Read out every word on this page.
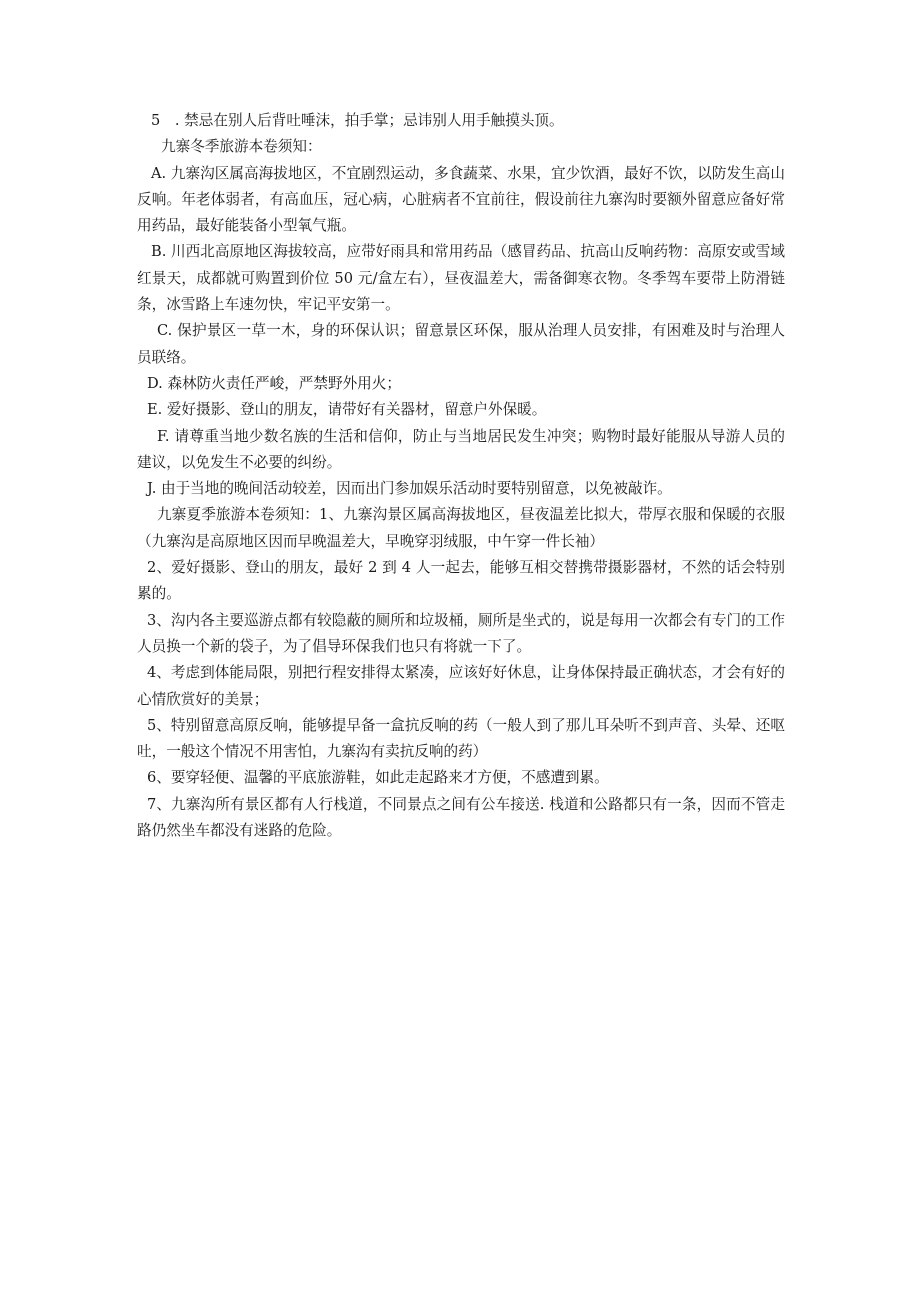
5　. 禁忌在别人后背吐唾沫，拍手掌；忌讳别人用手触摸头顶。

九寨冬季旅游本卷须知：

A. 九寨沟区属高海拔地区，不宜剧烈运动，多食蔬菜、水果，宜少饮酒，最好不饮，以防发生高山反响。年老体弱者，有高血压，冠心病，心脏病者不宜前往，假设前往九寨沟时要额外留意应备好常用药品，最好能装备小型氧气瓶。

B. 川西北高原地区海拔较高，应带好雨具和常用药品（感冒药品、抗高山反响药物：高原安或雪域红景天，成都就可购置到价位 50 元/盒左右），昼夜温差大，需备御寒衣物。冬季驾车要带上防滑链条，冰雪路上车速勿快，牢记平安第一。

C. 保护景区一草一木，身的环保认识；留意景区环保，服从治理人员安排，有困难及时与治理人员联络。

D. 森林防火责任严峻，严禁野外用火；

E. 爱好摄影、登山的朋友，请带好有关器材，留意户外保暖。

F. 请尊重当地少数名族的生活和信仰，防止与当地居民发生冲突；购物时最好能服从导游人员的建议，以免发生不必要的纠纷。

J. 由于当地的晚间活动较差，因而出门参加娱乐活动时要特别留意，以免被敲诈。

九寨夏季旅游本卷须知：1、九寨沟景区属高海拔地区，昼夜温差比拟大，带厚衣服和保暖的衣服（九寨沟是高原地区因而早晚温差大，早晚穿羽绒服，中午穿一件长袖）

2、爱好摄影、登山的朋友，最好 2 到 4 人一起去，能够互相交替携带摄影器材，不然的话会特别累的。

3、沟内各主要巡游点都有较隐蔽的厕所和垃圾桶，厕所是坐式的，说是每用一次都会有专门的工作人员换一个新的袋子，为了倡导环保我们也只有将就一下了。

4、考虑到体能局限，别把行程安排得太紧凑，应该好好休息，让身体保持最正确状态，才会有好的心情欣赏好的美景；

5、特别留意高原反响，能够提早备一盒抗反响的药（一般人到了那儿耳朵听不到声音、头晕、还呕吐，一般这个情况不用害怕，九寨沟有卖抗反响的药）

6、要穿轻便、温馨的平底旅游鞋，如此走起路来才方便，不感遭到累。

7、九寨沟所有景区都有人行栈道，不同景点之间有公车接送. 栈道和公路都只有一条，因而不管走路仍然坐车都没有迷路的危险。
